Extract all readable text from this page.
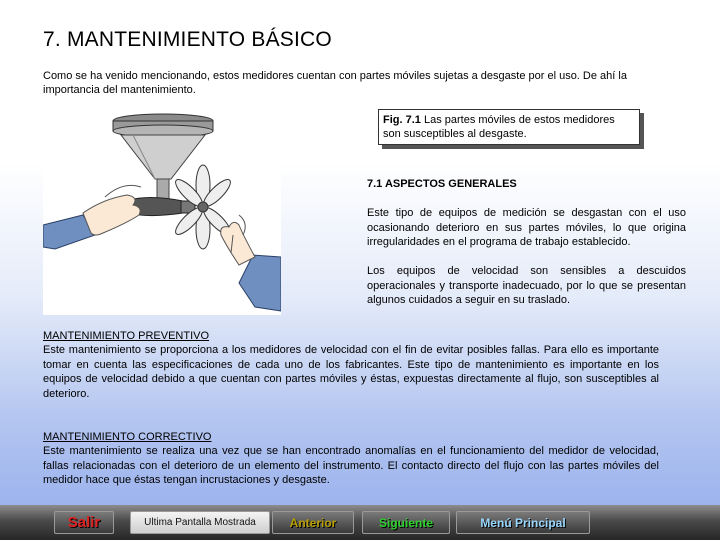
7. MANTENIMIENTO BÁSICO
Como se ha venido mencionando, estos medidores cuentan con partes móviles sujetas a desgaste por el uso. De ahí la importancia del mantenimiento.
Fig. 7.1 Las partes móviles de estos medidores son susceptibles al desgaste.
7.1 ASPECTOS GENERALES
Este tipo de equipos de medición se desgastan con el uso ocasionando deterioro en sus partes móviles, lo que origina irregularidades en el programa de trabajo establecido.
Los equipos de velocidad son sensibles a descuidos operacionales y transporte inadecuado, por lo que se presentan algunos cuidados a seguir en su traslado.
MANTENIMIENTO PREVENTIVO
Este mantenimiento se proporciona a los medidores de velocidad con el fin de evitar posibles fallas. Para ello es importante tomar en cuenta las especificaciones de cada uno de los fabricantes. Este tipo de mantenimiento es importante en los equipos de velocidad debido a que cuentan con partes móviles y éstas, expuestas directamente al flujo, son susceptibles al deterioro.
MANTENIMIENTO CORRECTIVO
Este mantenimiento se realiza una vez que se han encontrado anomalías en el funcionamiento del medidor de velocidad, fallas relacionadas con el deterioro de un elemento del instrumento. El contacto directo del flujo con las partes móviles del medidor hace que éstas tengan incrustaciones y desgaste.
Salir	Ultima Pantalla Mostrada	Anterior	Siguiente	Menú Principal
